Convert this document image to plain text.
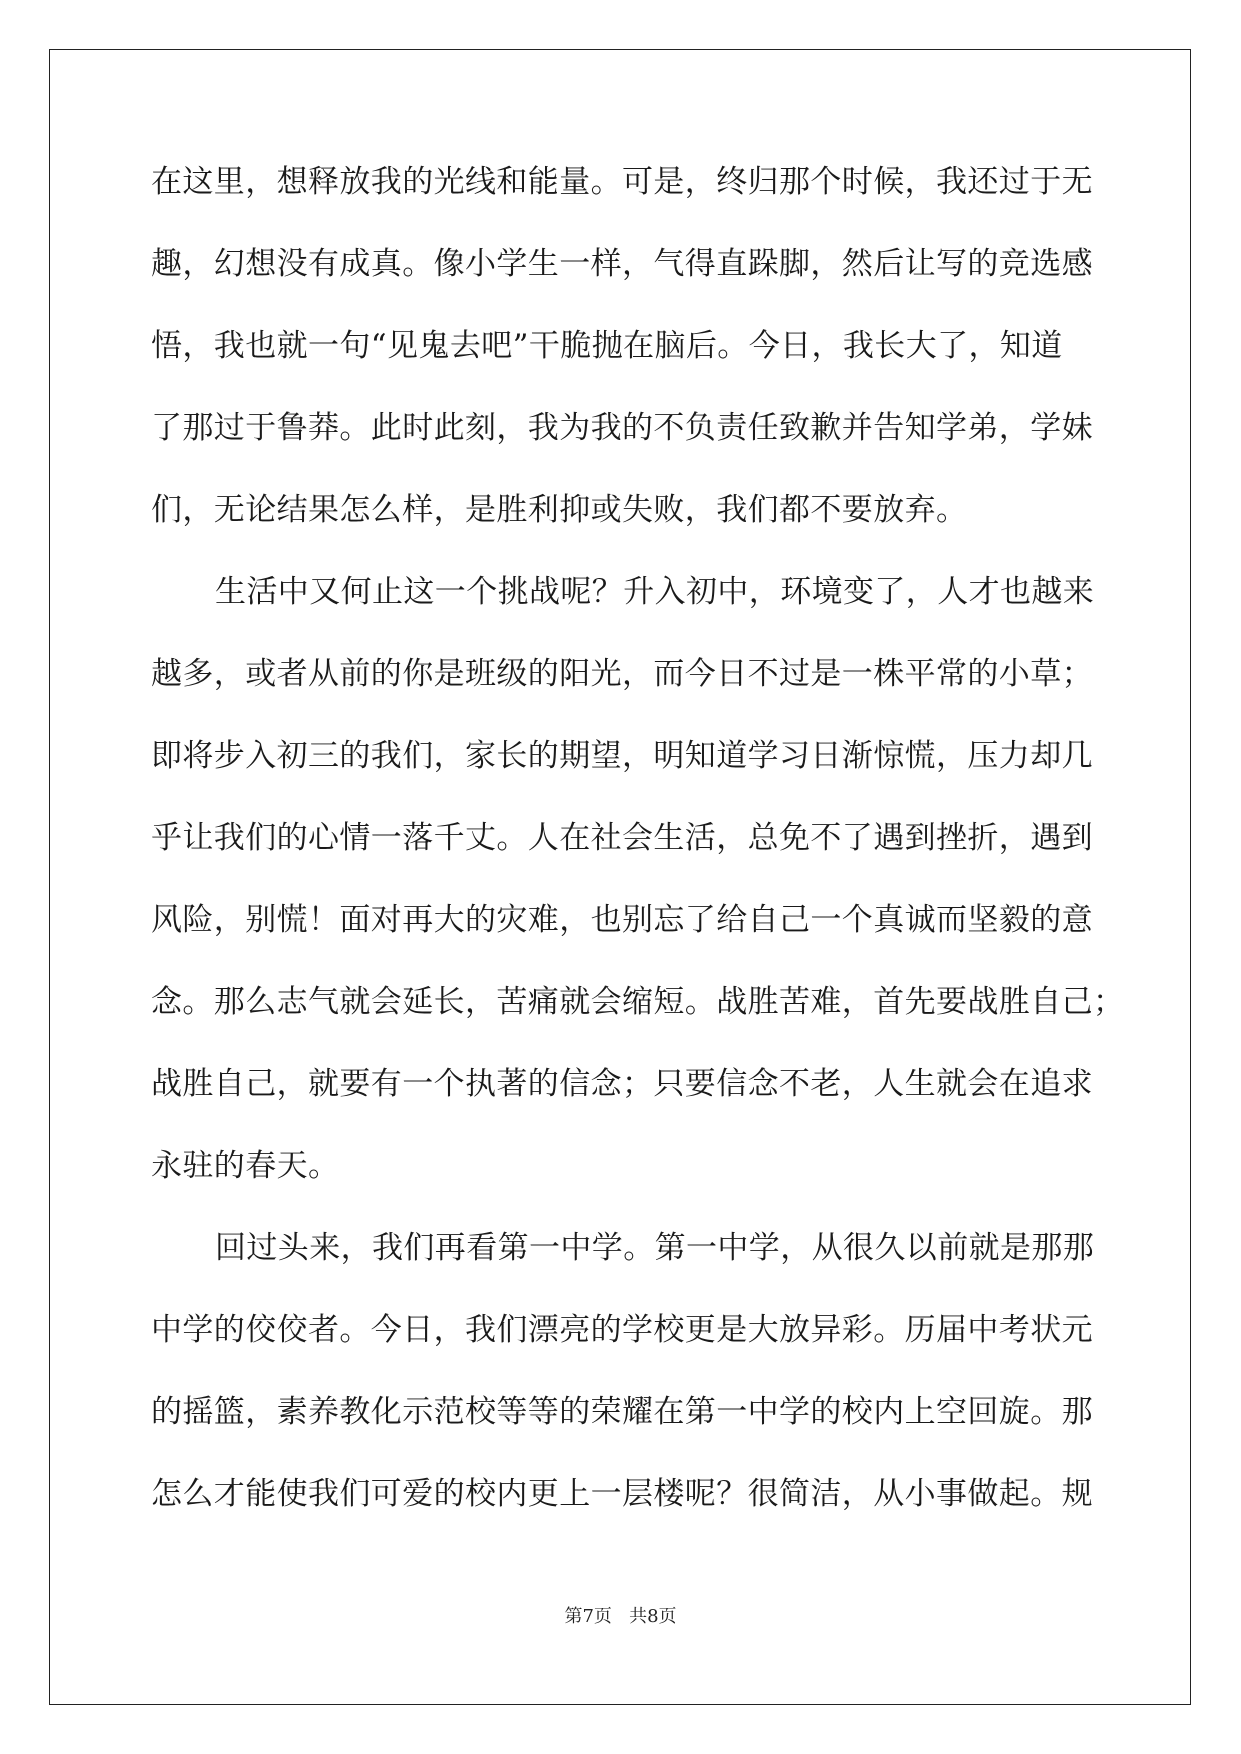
在这里，想释放我的光线和能量。可是，终归那个时候，我还过于无
趣，幻想没有成真。像小学生一样，气得直跺脚，然后让写的竞选感
悟，我也就一句“见鬼去吧”干脆抛在脑后。今日，我长大了，知道
了那过于鲁莽。此时此刻，我为我的不负责任致歉并告知学弟，学妹
们，无论结果怎么样，是胜利抑或失败，我们都不要放弃。
生活中又何止这一个挑战呢？升入初中，环境变了，人才也越来
越多，或者从前的你是班级的阳光，而今日不过是一株平常的小草；
即将步入初三的我们，家长的期望，明知道学习日渐惊慌，压力却几
乎让我们的心情一落千丈。人在社会生活，总免不了遇到挫折，遇到
风险，别慌！面对再大的灾难，也别忘了给自己一个真诚而坚毅的意
念。那么志气就会延长，苦痛就会缩短。战胜苦难，首先要战胜自己；
战胜自己，就要有一个执著的信念；只要信念不老，人生就会在追求
永驻的春天。
回过头来，我们再看第一中学。第一中学，从很久以前就是那那
中学的佼佼者。今日，我们漂亮的学校更是大放异彩。历届中考状元
的摇篮，素养教化示范校等等的荣耀在第一中学的校内上空回旋。那
怎么才能使我们可爱的校内更上一层楼呢？很简洁，从小事做起。规
第7页 共8页
